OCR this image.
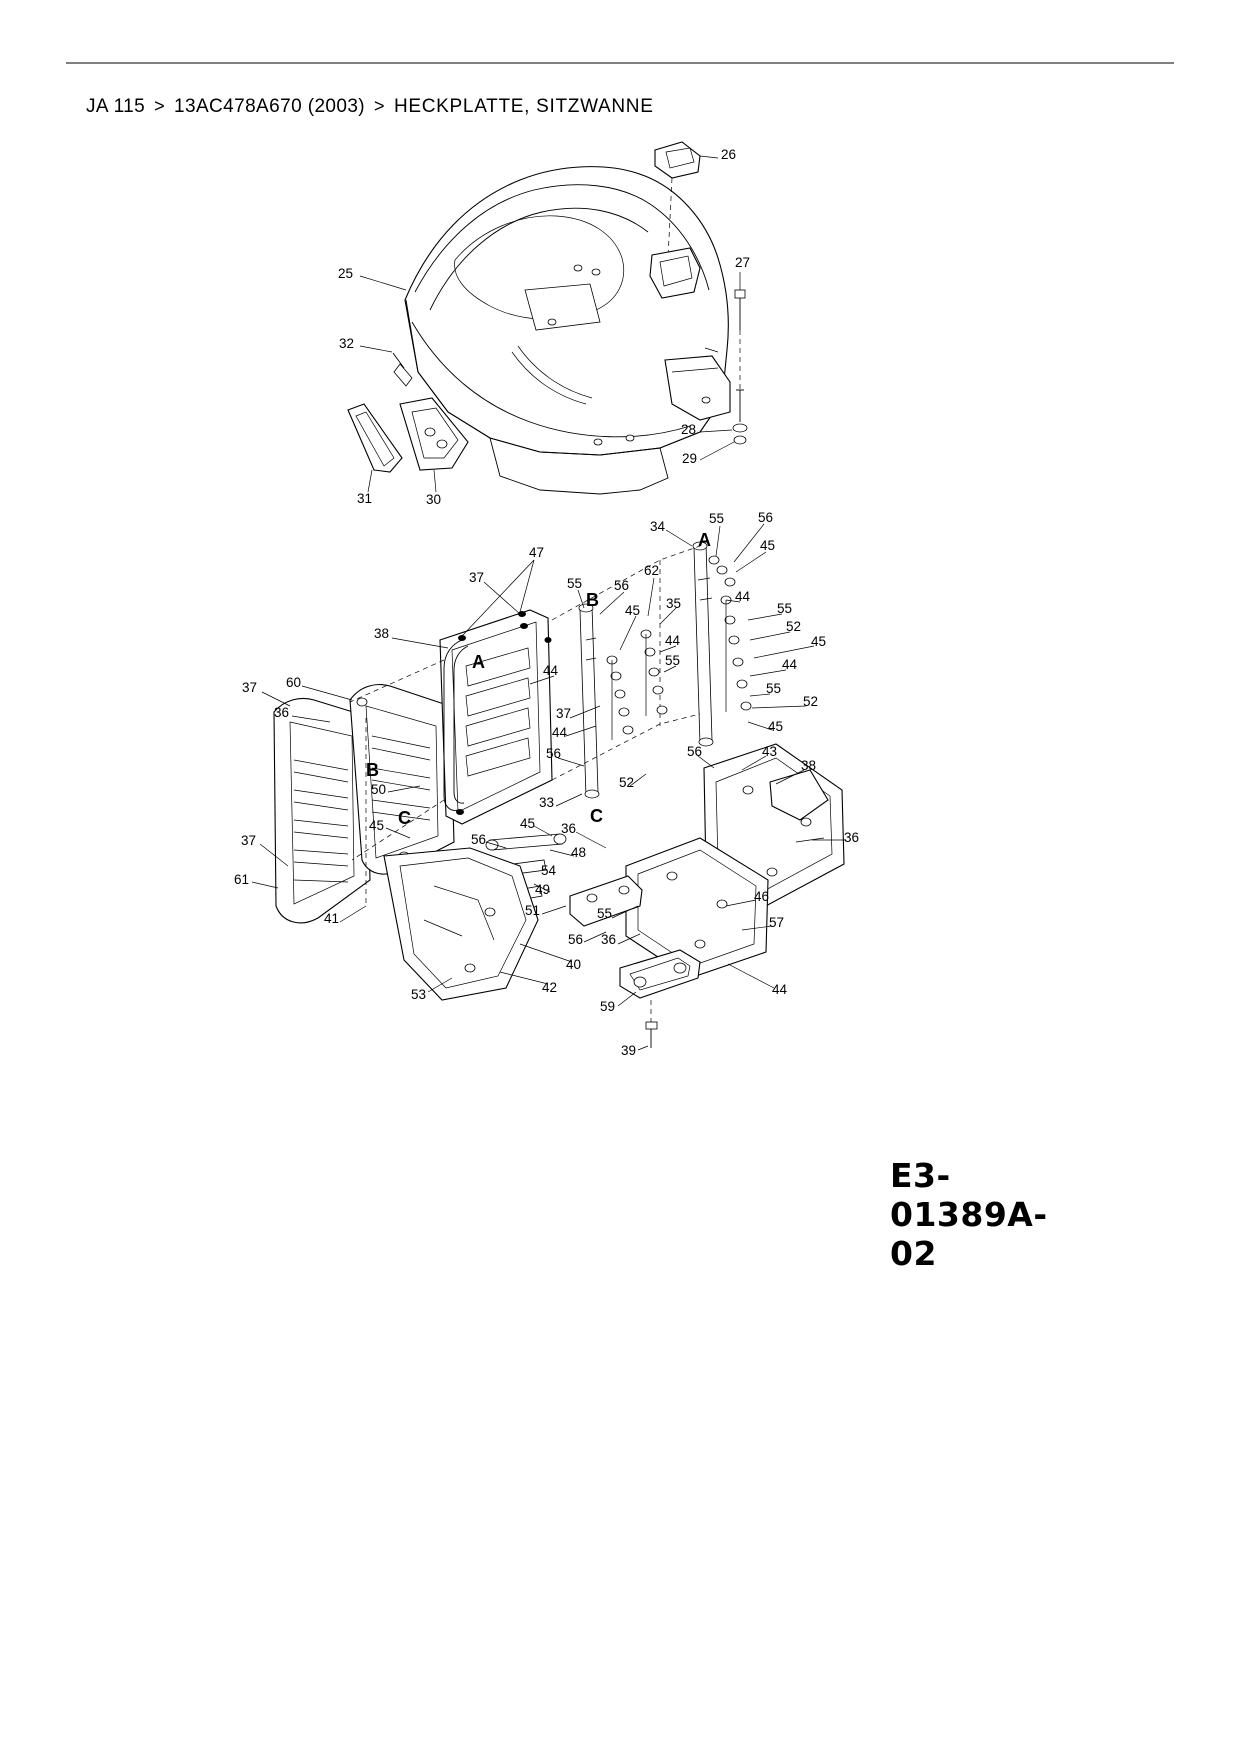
JA 115 > 13AC478A670 (2003) > HECKPLATTE, SITZWANNE
A
B
A
B
C	C
26
25
27
32
28
29
31	30
34
55	56
45
47
37	55 56
62
44
55
35
45
52
38	44	45
55	44
44
60
37	55
36	37
52
44	45
56
56	43
38
50	52
33
45	45 36
36
37	56
48
54
61
49	46
51	55
57
41
56 36
40
42	44
53
59
39
E3-01389A-02
